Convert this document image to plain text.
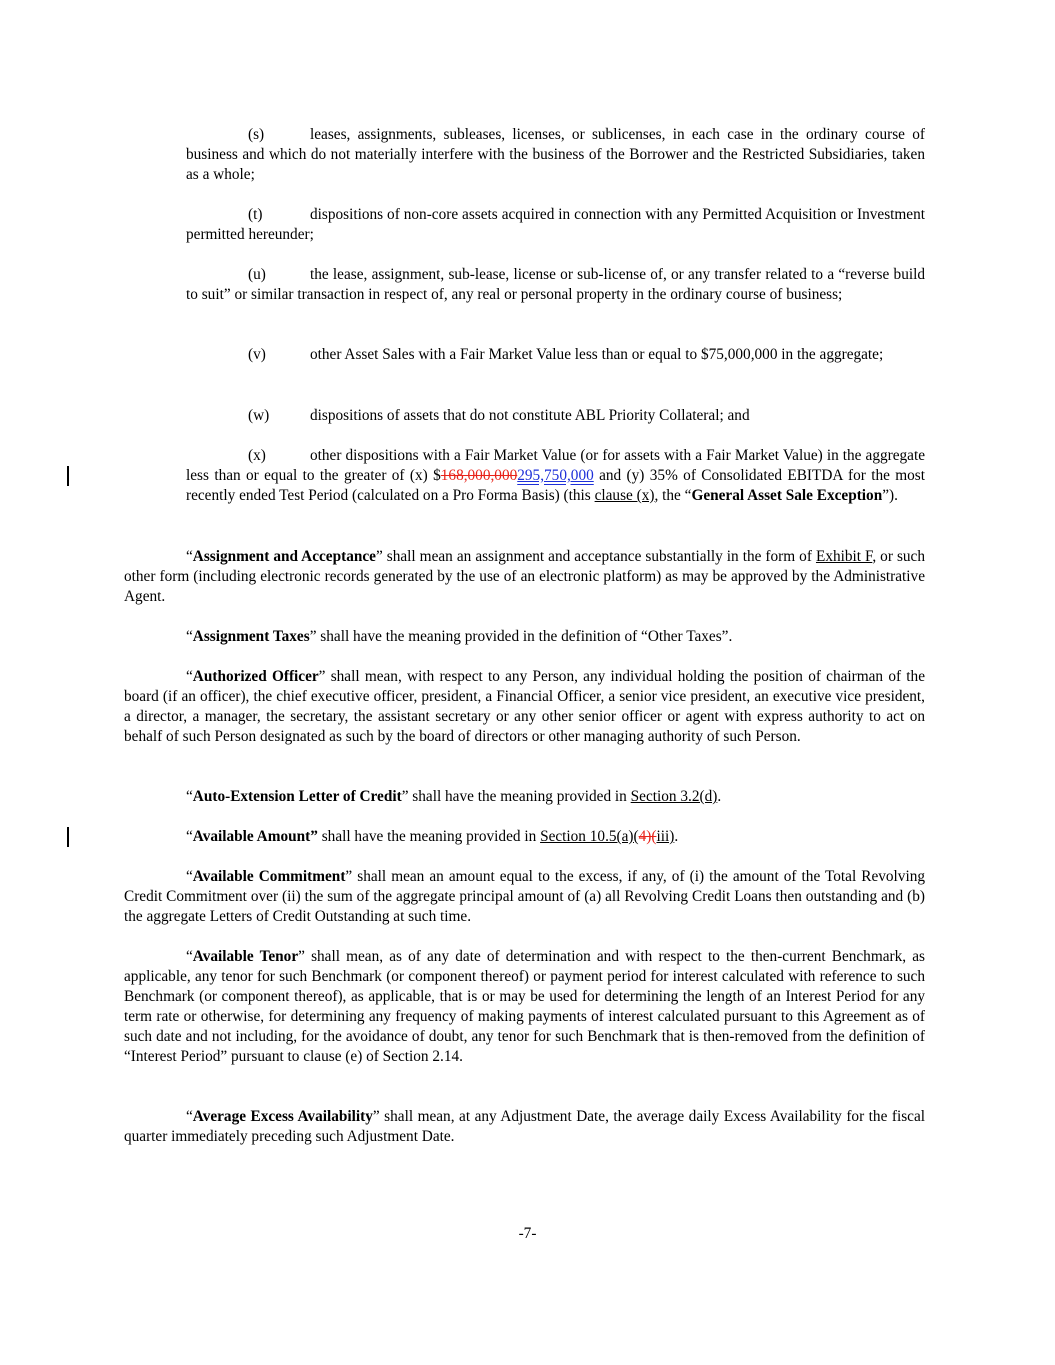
(s)	leases, assignments, subleases, licenses, or sublicenses, in each case in the ordinary course of business and which do not materially interfere with the business of the Borrower and the Restricted Subsidiaries, taken as a whole;
(t)	dispositions of non-core assets acquired in connection with any Permitted Acquisition or Investment permitted hereunder;
(u)	the lease, assignment, sub-lease, license or sub-license of, or any transfer related to a “reverse build to suit” or similar transaction in respect of, any real or personal property in the ordinary course of business;
(v)	other Asset Sales with a Fair Market Value less than or equal to $75,000,000 in the aggregate;
(w)	dispositions of assets that do not constitute ABL Priority Collateral; and
(x)	other dispositions with a Fair Market Value (or for assets with a Fair Market Value) in the aggregate less than or equal to the greater of (x) $168,000,000295,750,000 and (y) 35% of Consolidated EBITDA for the most recently ended Test Period (calculated on a Pro Forma Basis) (this clause (x), the “General Asset Sale Exception”).
“Assignment and Acceptance” shall mean an assignment and acceptance substantially in the form of Exhibit F, or such other form (including electronic records generated by the use of an electronic platform) as may be approved by the Administrative Agent.
“Assignment Taxes” shall have the meaning provided in the definition of “Other Taxes”.
“Authorized Officer” shall mean, with respect to any Person, any individual holding the position of chairman of the board (if an officer), the chief executive officer, president, a Financial Officer, a senior vice president, an executive vice president, a director, a manager, the secretary, the assistant secretary or any other senior officer or agent with express authority to act on behalf of such Person designated as such by the board of directors or other managing authority of such Person.
“Auto-Extension Letter of Credit” shall have the meaning provided in Section 3.2(d).
“Available Amount” shall have the meaning provided in Section 10.5(a)(4)(iii).
“Available Commitment” shall mean an amount equal to the excess, if any, of (i) the amount of the Total Revolving Credit Commitment over (ii) the sum of the aggregate principal amount of (a) all Revolving Credit Loans then outstanding and (b) the aggregate Letters of Credit Outstanding at such time.
“Available Tenor” shall mean, as of any date of determination and with respect to the then-current Benchmark, as applicable, any tenor for such Benchmark (or component thereof) or payment period for interest calculated with reference to such Benchmark (or component thereof), as applicable, that is or may be used for determining the length of an Interest Period for any term rate or otherwise, for determining any frequency of making payments of interest calculated pursuant to this Agreement as of such date and not including, for the avoidance of doubt, any tenor for such Benchmark that is then-removed from the definition of “Interest Period” pursuant to clause (e) of Section 2.14.
“Average Excess Availability” shall mean, at any Adjustment Date, the average daily Excess Availability for the fiscal quarter immediately preceding such Adjustment Date.
-7-
